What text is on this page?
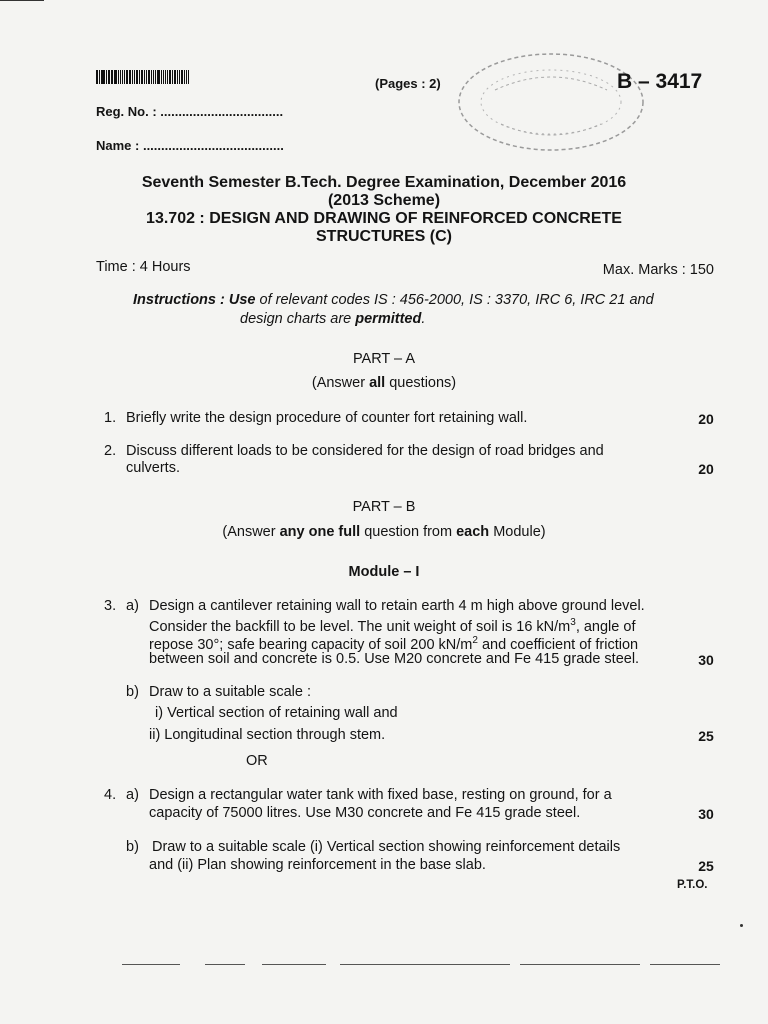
Reg. No. : ..................................
Name : .......................................
(Pages : 2)	B – 3417
Seventh Semester B.Tech. Degree Examination, December 2016
(2013 Scheme)
13.702 : DESIGN AND DRAWING OF REINFORCED CONCRETE
STRUCTURES (C)
Time : 4 Hours	Max. Marks : 150
Instructions : Use of relevant codes IS : 456-2000, IS : 3370, IRC 6, IRC 21 and
design charts are permitted.
PART – A
(Answer all questions)
1. Briefly write the design procedure of counter fort retaining wall.	20
2. Discuss different loads to be considered for the design of road bridges and
culverts.	20
PART – B
(Answer any one full question from each Module)
Module – I
3. a) Design a cantilever retaining wall to retain earth 4 m high above ground level.
Consider the backfill to be level. The unit weight of soil is 16 $kN/m^3$, angle of
repose 30°; safe bearing capacity of soil 200 $kN/m^2$ and coefficient of friction
between soil and concrete is 0.5. Use M20 concrete and Fe 415 grade steel.	30
b) Draw to a suitable scale :
i) Vertical section of retaining wall and
ii) Longitudinal section through stem.	25
OR
4. a) Design a rectangular water tank with fixed base, resting on ground, for a
capacity of 75000 litres. Use M30 concrete and Fe 415 grade steel.	30
b) Draw to a suitable scale (i) Vertical section showing reinforcement details
and (ii) Plan showing reinforcement in the base slab.	25
P.T.O.
